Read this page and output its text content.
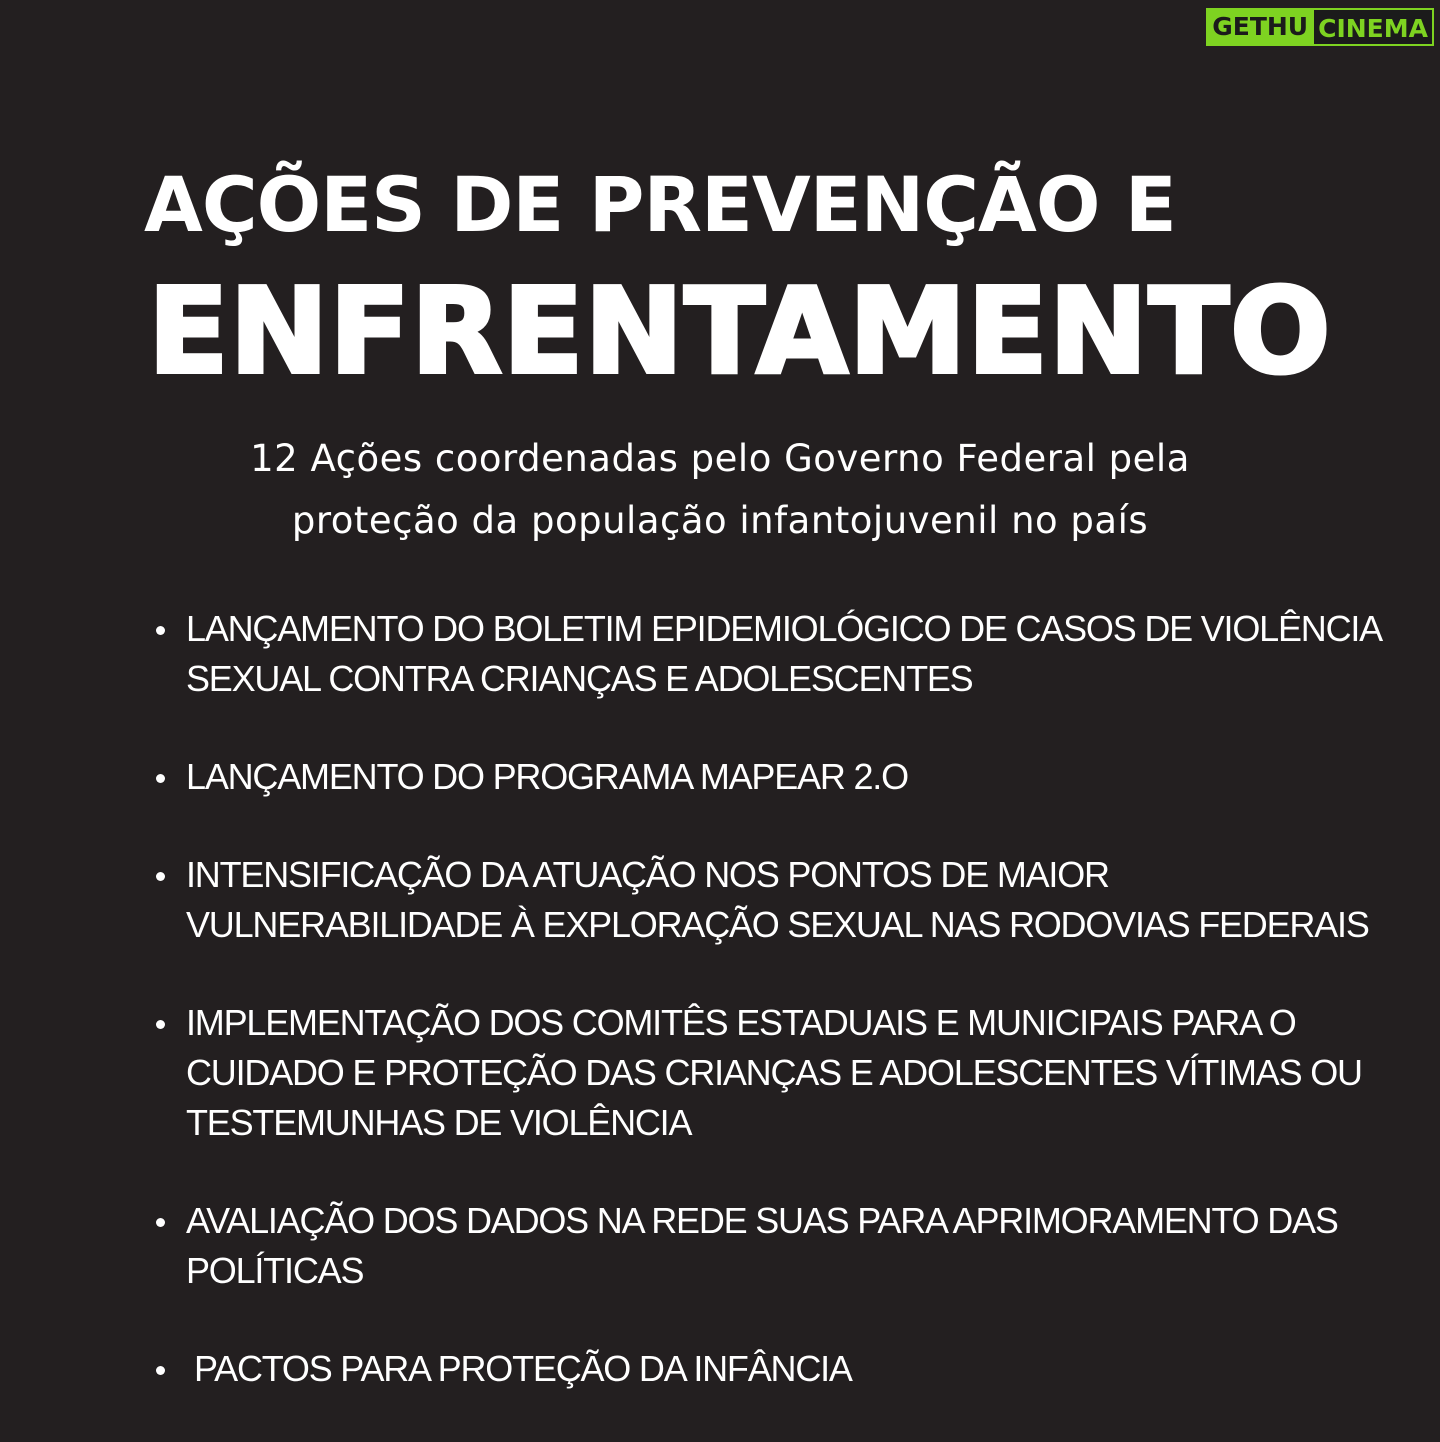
GETHU CINEMA
AÇÕES DE PREVENÇÃO E
ENFRENTAMENTO
12 Ações coordenadas pelo Governo Federal pela
proteção da população infantojuvenil no país
LANÇAMENTO DO BOLETIM EPIDEMIOLÓGICO DE CASOS DE VIOLÊNCIA SEXUAL CONTRA CRIANÇAS E ADOLESCENTES
LANÇAMENTO DO PROGRAMA MAPEAR 2.O
INTENSIFICAÇÃO DA ATUAÇÃO NOS PONTOS DE MAIOR VULNERABILIDADE À EXPLORAÇÃO SEXUAL NAS RODOVIAS FEDERAIS
IMPLEMENTAÇÃO DOS COMITÊS ESTADUAIS E MUNICIPAIS PARA O CUIDADO E PROTEÇÃO DAS CRIANÇAS E ADOLESCENTES VÍTIMAS OU TESTEMUNHAS DE VIOLÊNCIA
AVALIAÇÃO DOS DADOS NA REDE SUAS PARA APRIMORAMENTO DAS POLÍTICAS
PACTOS PARA PROTEÇÃO DA INFÂNCIA
